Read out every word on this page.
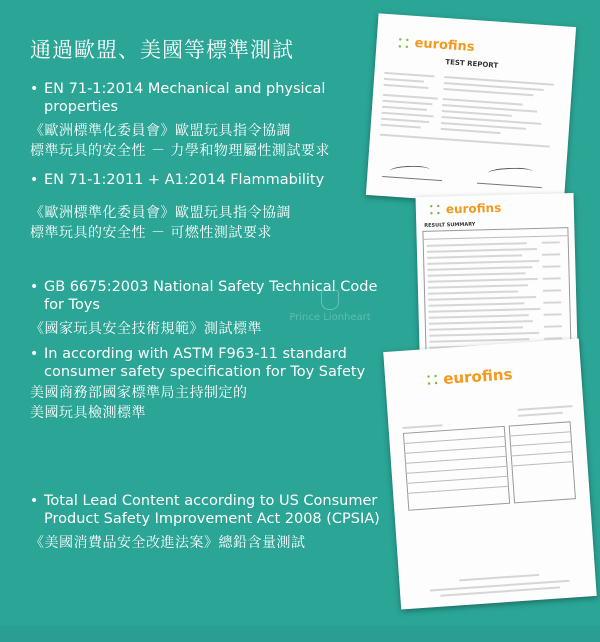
通過歐盟、美國等標準測試
• EN 71-1:2014 Mechanical and physical properties
《歐洲標準化委員會》歐盟玩具指令協調
標準玩具的安全性 － 力學和物理屬性測試要求
• EN 71-1:2011 + A1:2014 Flammability
《歐洲標準化委員會》歐盟玩具指令協調
標準玩具的安全性 － 可燃性測試要求
• GB 6675:2003 National Safety Technical Code for Toys
《國家玩具安全技術規範》測試標準
• In according with ASTM F963-11 standard consumer safety specification for Toy Safety
美國商務部國家標準局主持制定的
美國玩具檢測標準
• Total Lead Content according to US Consumer Product Safety Improvement Act 2008 (CPSIA)
《美國消費品安全改進法案》總鉛含量測試
Prince Lionheart
eurofins
TEST REPORT
eurofins
RESULT SUMMARY
eurofins
